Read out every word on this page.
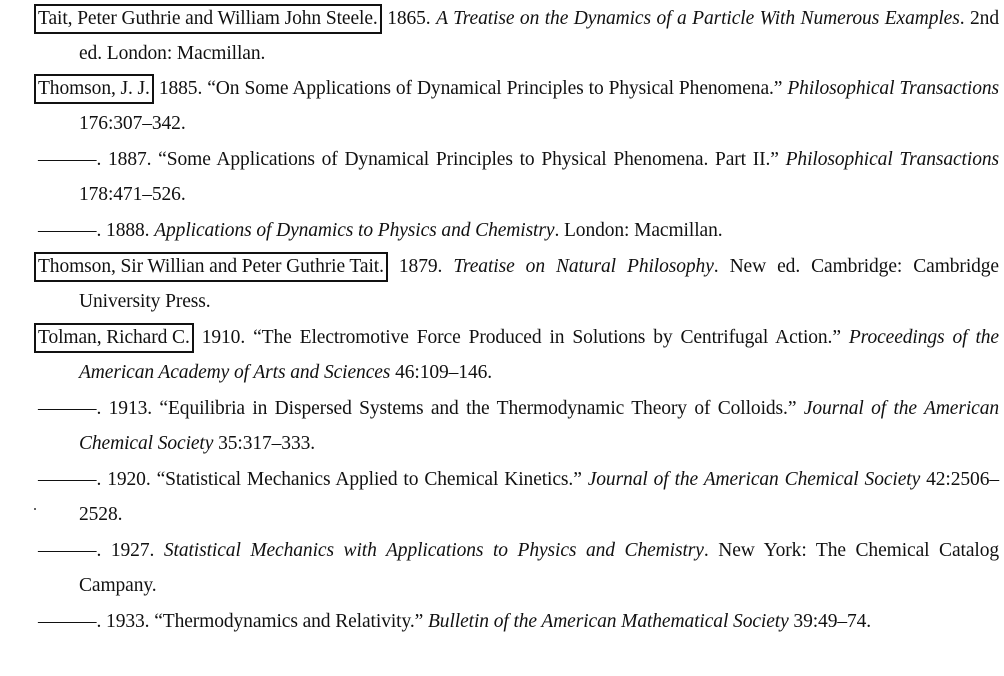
Tait, Peter Guthrie and William John Steele. 1865. A Treatise on the Dynamics of a Particle With Numerous Examples. 2nd ed. London: Macmillan.
Thomson, J. J. 1885. “On Some Applications of Dynamical Principles to Physical Phenomena.” Philosophical Transactions 176:307–342.
———. 1887. “Some Applications of Dynamical Principles to Physical Phenomena. Part II.” Philosophical Transactions 178:471–526.
———. 1888. Applications of Dynamics to Physics and Chemistry. London: Macmillan.
Thomson, Sir Willian and Peter Guthrie Tait. 1879. Treatise on Natural Philosophy. New ed. Cambridge: Cambridge University Press.
Tolman, Richard C. 1910. “The Electromotive Force Produced in Solutions by Centrifugal Action.” Proceedings of the American Academy of Arts and Sciences 46:109–146.
———. 1913. “Equilibria in Dispersed Systems and the Thermodynamic Theory of Colloids.” Journal of the American Chemical Society 35:317–333.
———. 1920. “Statistical Mechanics Applied to Chemical Kinetics.” Journal of the American Chemical Society 42:2506–2528.
———. 1927. Statistical Mechanics with Applications to Physics and Chemistry. New York: The Chemical Catalog Campany.
———. 1933. “Thermodynamics and Relativity.” Bulletin of the American Mathematical Society 39:49–74.
